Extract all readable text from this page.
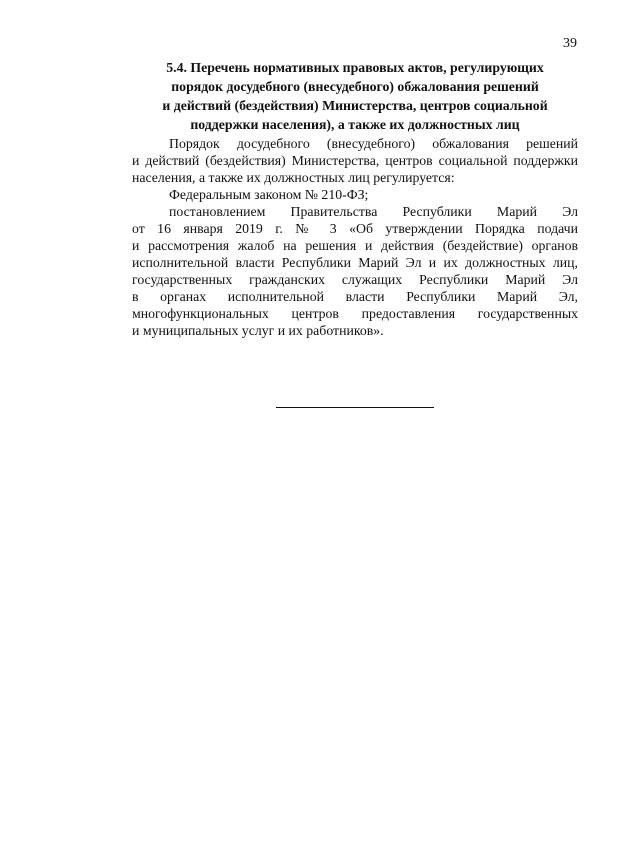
39
5.4. Перечень нормативных правовых актов, регулирующих
порядок досудебного (внесудебного) обжалования решений
и действий (бездействия) Министерства, центров социальной
поддержки населения), а также их должностных лиц
Порядок досудебного (внесудебного) обжалования решений
и действий (бездействия) Министерства, центров социальной поддержки
населения, а также их должностных лиц регулируется:
Федеральным законом № 210-ФЗ;
постановлением Правительства Республики Марий Эл
от 16 января 2019 г. № 3 «Об утверждении Порядка подачи
и рассмотрения жалоб на решения и действия (бездействие) органов
исполнительной власти Республики Марий Эл и их должностных лиц,
государственных гражданских служащих Республики Марий Эл
в органах исполнительной власти Республики Марий Эл,
многофункциональных центров предоставления государственных
и муниципальных услуг и их работников».
